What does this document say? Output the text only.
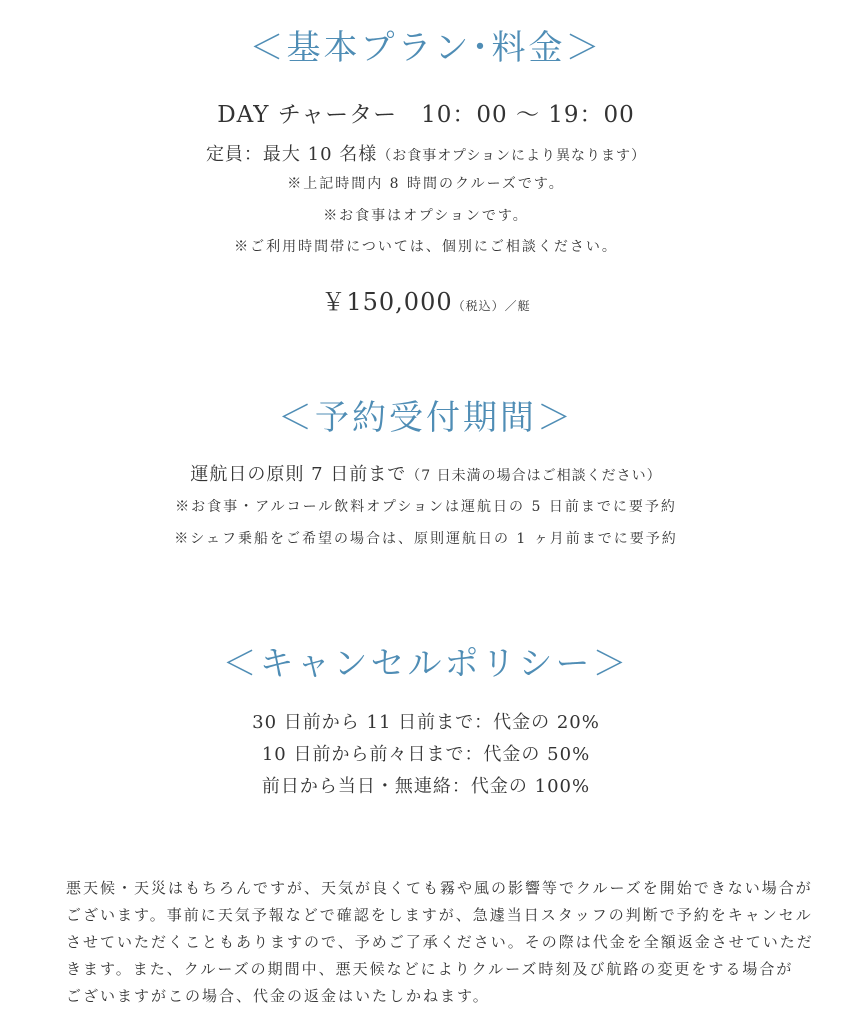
＜基本プラン･料金＞
DAY チャーター　10：00 〜 19：00
定員：最大 10 名様（お食事オプションにより異なります）
※上記時間内 8 時間のクルーズです。
※お食事はオプションです。
※ご利用時間帯については、個別にご相談ください。
￥150,000（税込）／艇
＜予約受付期間＞
運航日の原則 7 日前まで（7 日未満の場合はご相談ください）
※お食事・アルコール飲料オプションは運航日の 5 日前までに要予約
※シェフ乗船をご希望の場合は、原則運航日の 1 ヶ月前までに要予約
＜キャンセルポリシー＞
30 日前から 11 日前まで：代金の 20%
10 日前から前々日まで：代金の 50%
前日から当日・無連絡：代金の 100%
悪天候・天災はもちろんですが、天気が良くても霧や風の影響等でクルーズを開始できない場合が
ございます。事前に天気予報などで確認をしますが、急遽当日スタッフの判断で予約をキャンセル
させていただくこともありますので、予めご了承ください。その際は代金を全額返金させていただ
きます。また、クルーズの期間中、悪天候などによりクルーズ時刻及び航路の変更をする場合が
ございますがこの場合、代金の返金はいたしかねます。
